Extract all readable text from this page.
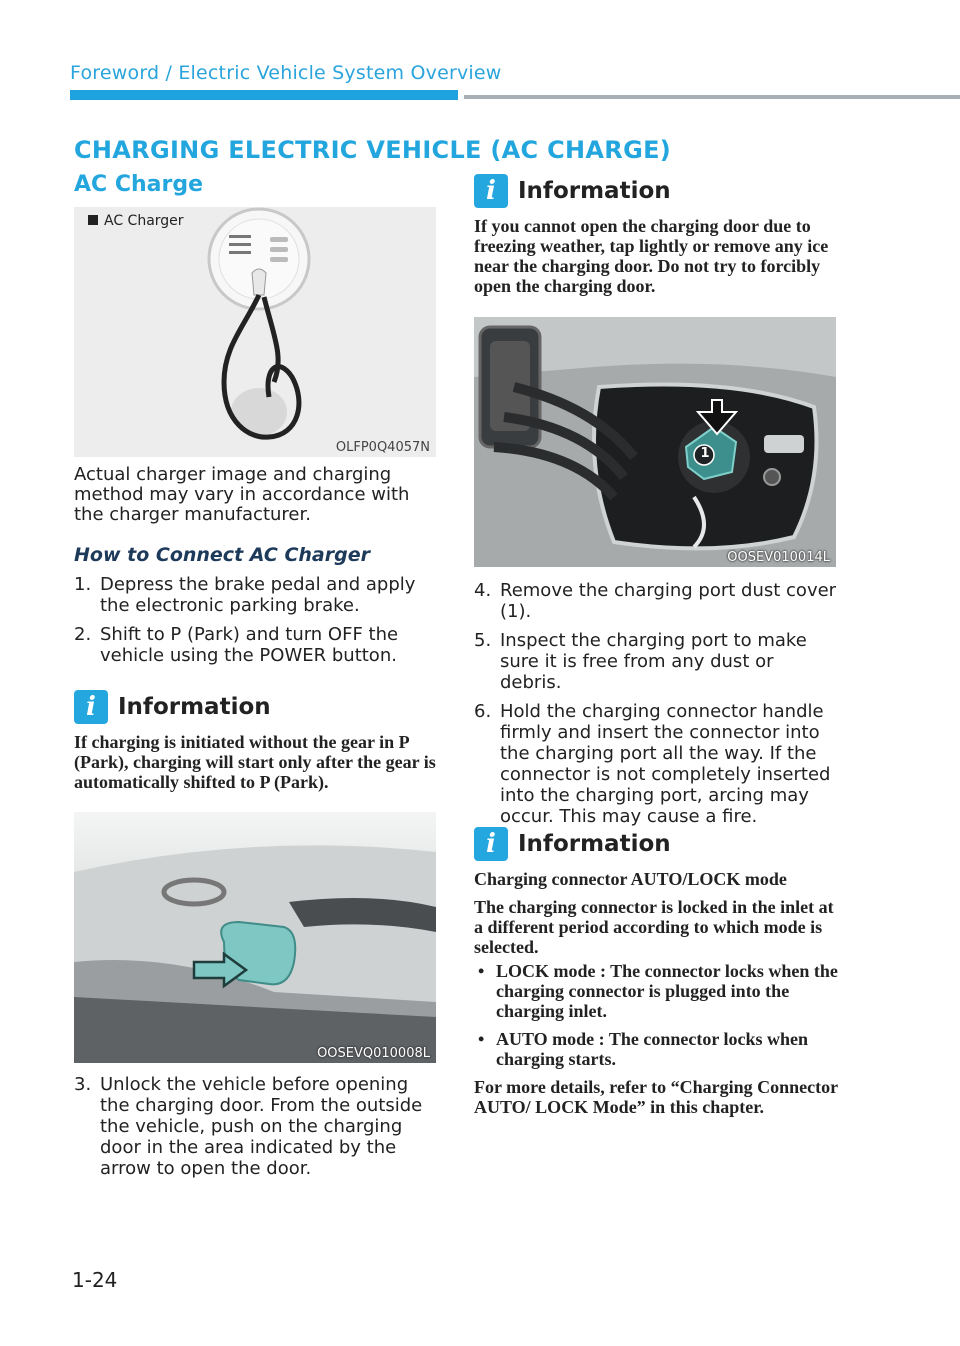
Foreword / Electric Vehicle System Overview
CHARGING ELECTRIC VEHICLE (AC CHARGE)
AC Charge
AC Charger
OLFP0Q4057N
Actual charger image and charging method may vary in accordance with the charger manufacturer.
How to Connect AC Charger
1. Depress the brake pedal and apply the electronic parking brake.
2. Shift to P (Park) and turn OFF the vehicle using the POWER button.
i Information
If charging is initiated without the gear in P (Park), charging will start only after the gear is automatically shifted to P (Park).
OOSEVQ010008L
3. Unlock the vehicle before opening the charging door. From the outside the vehicle, push on the charging door in the area indicated by the arrow to open the door.
i Information
If you cannot open the charging door due to freezing weather, tap lightly or remove any ice near the charging door. Do not try to forcibly open the charging door.
1
OOSEV010014L
4. Remove the charging port dust cover (1).
5. Inspect the charging port to make sure it is free from any dust or debris.
6. Hold the charging connector handle firmly and insert the connector into the charging port all the way. If the connector is not completely inserted into the charging port, arcing may occur. This may cause a fire.
i Information
Charging connector AUTO/LOCK mode
The charging connector is locked in the inlet at a different period according to which mode is selected.
• LOCK mode : The connector locks when the charging connector is plugged into the charging inlet.
• AUTO mode : The connector locks when charging starts.
For more details, refer to “Charging Connector AUTO/ LOCK Mode” in this chapter.
1-24
